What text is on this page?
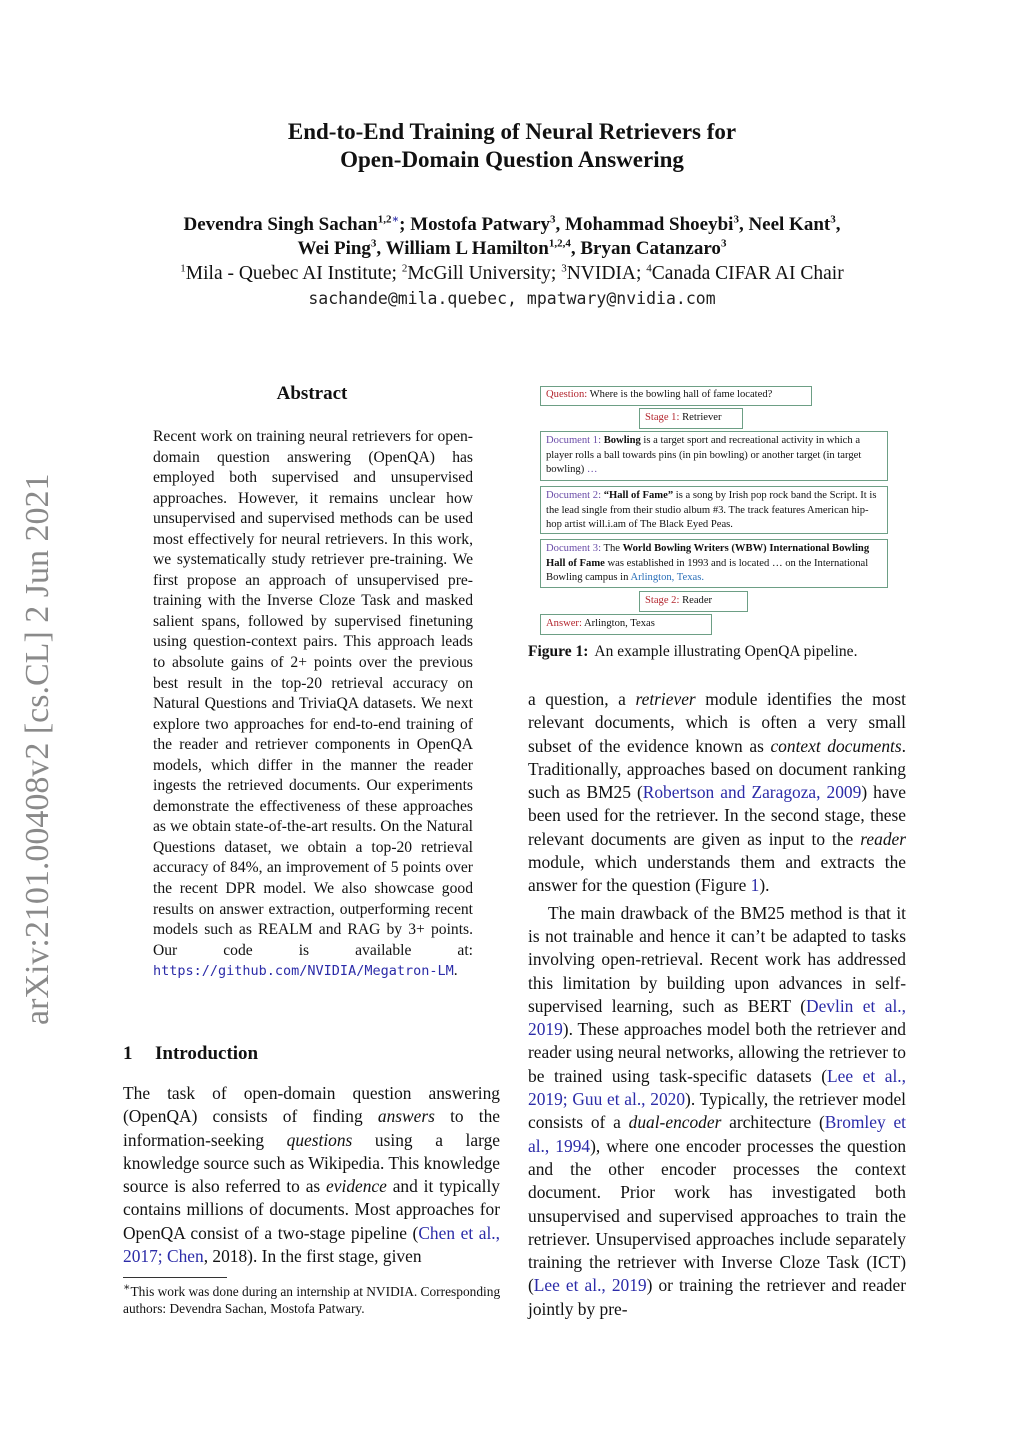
arXiv:2101.00408v2 [cs.CL] 2 Jun 2021
End-to-End Training of Neural Retrievers for
Open-Domain Question Answering
Devendra Singh Sachan$^{1,2∗}$; Mostofa Patwary$^3$, Mohammad Shoeybi$^3$, Neel Kant$^3$,
Wei Ping$^3$, William L Hamilton$^{1,2,4}$, Bryan Catanzaro$^3$
$^1$Mila - Quebec AI Institute; $^2$McGill University; $^3$NVIDIA; $^4$Canada CIFAR AI Chair
sachande@mila.quebec, mpatwary@nvidia.com
Abstract
Recent work on training neural retrievers for open-domain question answering (OpenQA) has employed both supervised and unsupervised approaches. However, it remains unclear how unsupervised and supervised methods can be used most effectively for neural retrievers. In this work, we systematically study retriever pre-training. We first propose an approach of unsupervised pre-training with the Inverse Cloze Task and masked salient spans, followed by supervised finetuning using question-context pairs. This approach leads to absolute gains of 2+ points over the previous best result in the top-20 retrieval accuracy on Natural Questions and TriviaQA datasets. We next explore two approaches for end-to-end training of the reader and retriever components in OpenQA models, which differ in the manner the reader ingests the retrieved documents. Our experiments demonstrate the effectiveness of these approaches as we obtain state-of-the-art results. On the Natural Questions dataset, we obtain a top-20 retrieval accuracy of 84%, an improvement of 5 points over the recent DPR model. We also showcase good results on answer extraction, outperforming recent models such as REALM and RAG by 3+ points. Our code is available at: https://github.com/NVIDIA/Megatron-LM.
1 Introduction
The task of open-domain question answering (OpenQA) consists of finding answers to the information-seeking questions using a large knowledge source such as Wikipedia. This knowledge source is also referred to as evidence and it typically contains millions of documents. Most approaches for OpenQA consist of a two-stage pipeline (Chen et al., 2017; Chen, 2018). In the first stage, given
∗This work was done during an internship at NVIDIA. Corresponding authors: Devendra Sachan, Mostofa Patwary.
Question: Where is the bowling hall of fame located?
Stage 1: Retriever
Document 1: Bowling is a target sport and recreational activity in which a player rolls a ball towards pins (in pin bowling) or another target (in target bowling) …
Document 2: “Hall of Fame” is a song by Irish pop rock band the Script. It is the lead single from their studio album #3. The track features American hip-hop artist will.i.am of The Black Eyed Peas.
Document 3: The World Bowling Writers (WBW) International Bowling Hall of Fame was established in 1993 and is located … on the International Bowling campus in Arlington, Texas.
Stage 2: Reader
Answer: Arlington, Texas
Figure 1: An example illustrating OpenQA pipeline.
a question, a retriever module identifies the most relevant documents, which is often a very small subset of the evidence known as context documents. Traditionally, approaches based on document ranking such as BM25 (Robertson and Zaragoza, 2009) have been used for the retriever. In the second stage, these relevant documents are given as input to the reader module, which understands them and extracts the answer for the question (Figure 1).
The main drawback of the BM25 method is that it is not trainable and hence it can’t be adapted to tasks involving open-retrieval. Recent work has addressed this limitation by building upon advances in self-supervised learning, such as BERT (Devlin et al., 2019). These approaches model both the retriever and reader using neural networks, allowing the retriever to be trained using task-specific datasets (Lee et al., 2019; Guu et al., 2020). Typically, the retriever model consists of a dual-encoder architecture (Bromley et al., 1994), where one encoder processes the question and the other encoder processes the context document. Prior work has investigated both unsupervised and supervised approaches to train the retriever. Unsupervised approaches include separately training the retriever with Inverse Cloze Task (ICT) (Lee et al., 2019) or training the retriever and reader jointly by pre-
